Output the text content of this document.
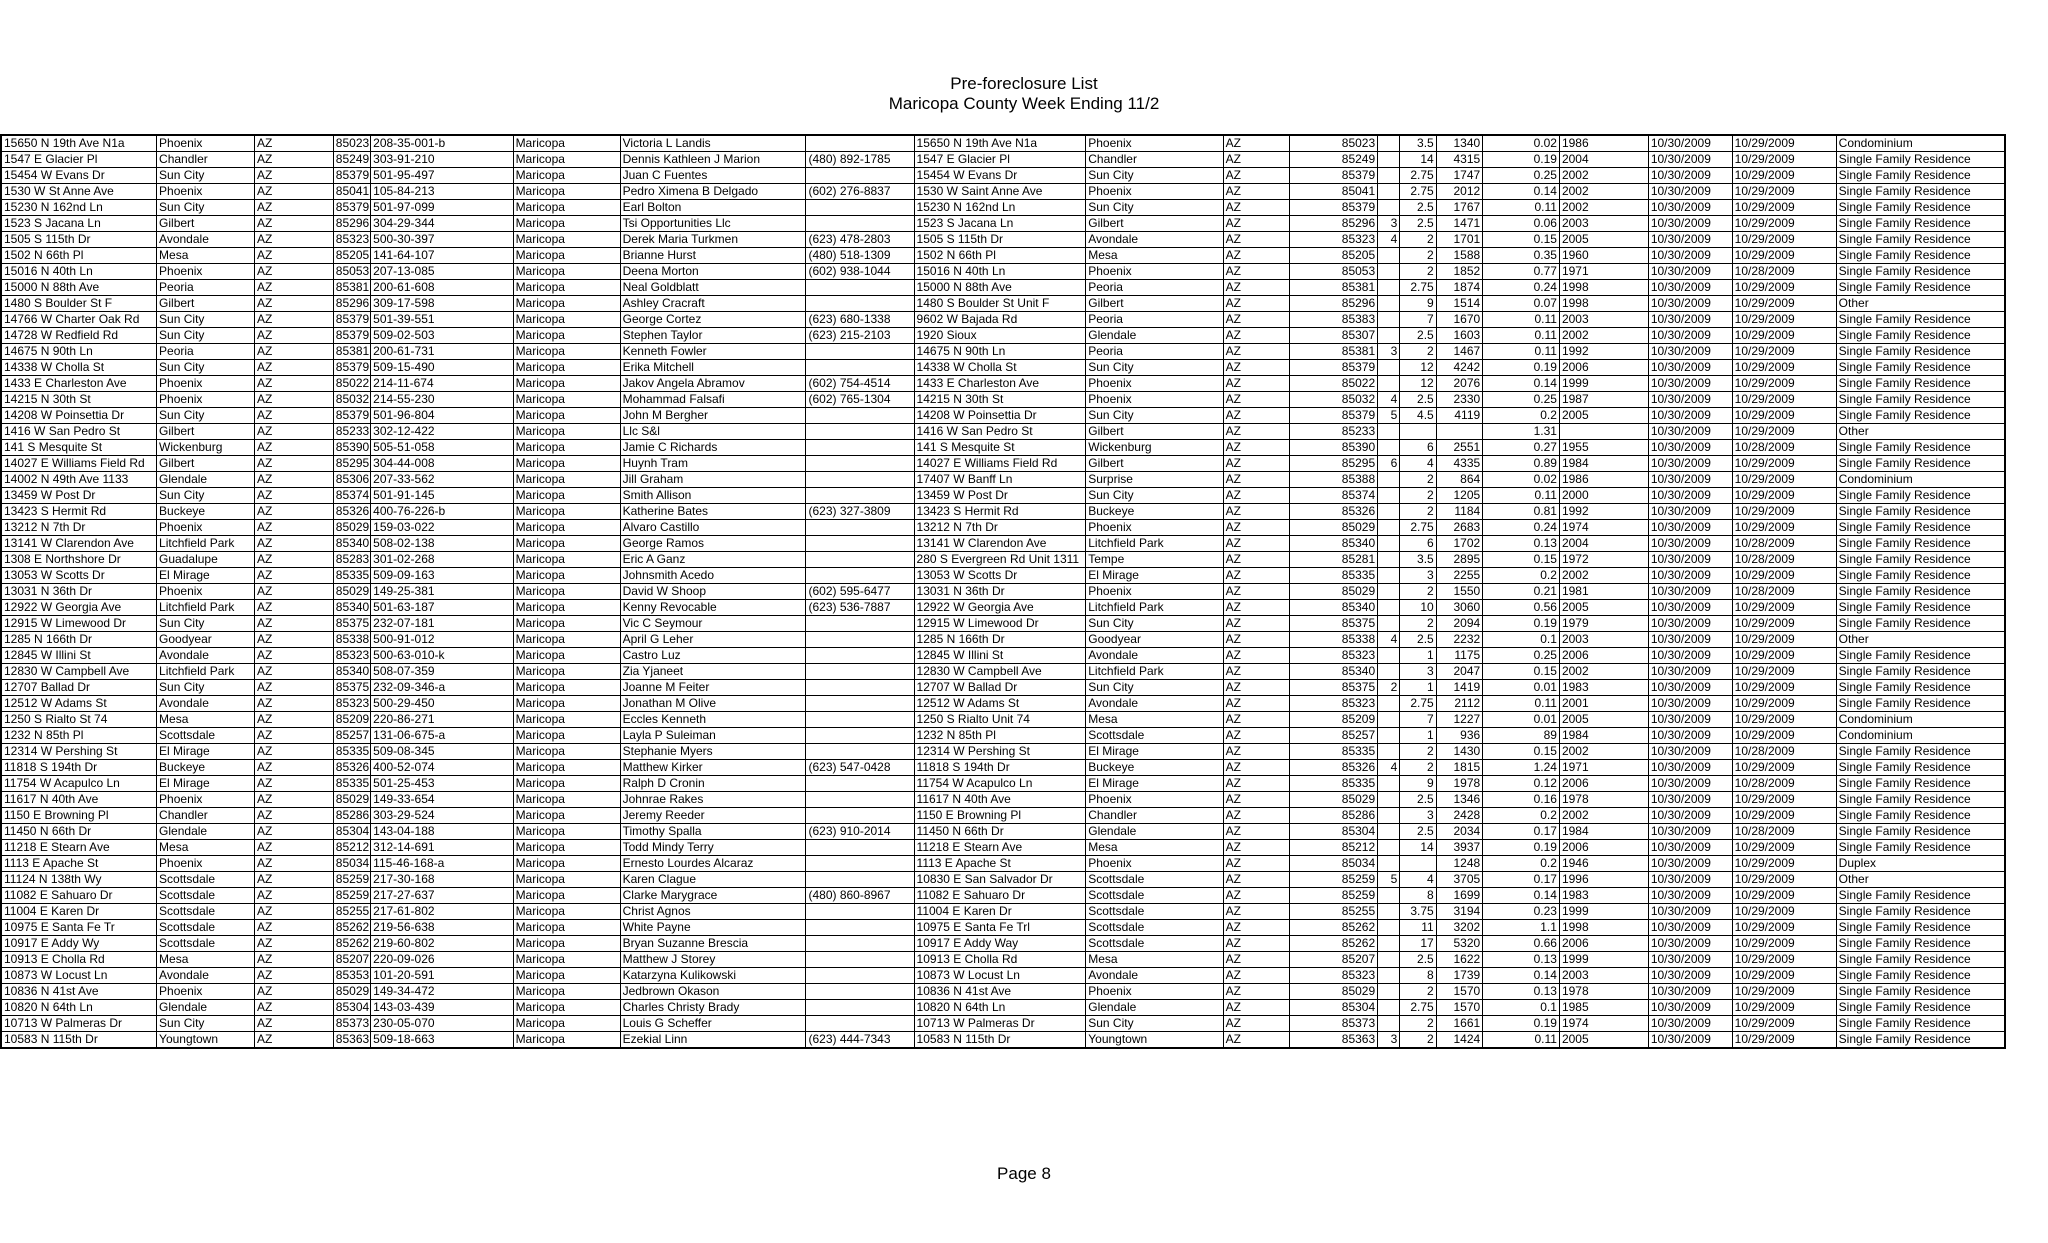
Pre-foreclosure List
Maricopa County Week Ending 11/2
15650 N 19th Ave N1a	Phoenix	AZ	85023	208-35-001-b	Maricopa	Victoria L Landis		15650 N 19th Ave N1a	Phoenix	AZ	85023		3.5	1340	0.02	1986	10/30/2009	10/29/2009	Condominium
1547 E Glacier Pl	Chandler	AZ	85249	303-91-210	Maricopa	Dennis Kathleen J Marion	(480) 892-1785	1547 E Glacier Pl	Chandler	AZ	85249		14	4315	0.19	2004	10/30/2009	10/29/2009	Single Family Residence
15454 W Evans Dr	Sun City	AZ	85379	501-95-497	Maricopa	Juan C Fuentes		15454 W Evans Dr	Sun City	AZ	85379		2.75	1747	0.25	2002	10/30/2009	10/29/2009	Single Family Residence
1530 W St Anne Ave	Phoenix	AZ	85041	105-84-213	Maricopa	Pedro Ximena B Delgado	(602) 276-8837	1530 W Saint Anne Ave	Phoenix	AZ	85041		2.75	2012	0.14	2002	10/30/2009	10/29/2009	Single Family Residence
15230 N 162nd Ln	Sun City	AZ	85379	501-97-099	Maricopa	Earl Bolton		15230 N 162nd Ln	Sun City	AZ	85379		2.5	1767	0.11	2002	10/30/2009	10/29/2009	Single Family Residence
1523 S Jacana Ln	Gilbert	AZ	85296	304-29-344	Maricopa	Tsi Opportunities Llc		1523 S Jacana Ln	Gilbert	AZ	85296	3	2.5	1471	0.06	2003	10/30/2009	10/29/2009	Single Family Residence
1505 S 115th Dr	Avondale	AZ	85323	500-30-397	Maricopa	Derek Maria Turkmen	(623) 478-2803	1505 S 115th Dr	Avondale	AZ	85323	4	2	1701	0.15	2005	10/30/2009	10/29/2009	Single Family Residence
1502 N 66th Pl	Mesa	AZ	85205	141-64-107	Maricopa	Brianne Hurst	(480) 518-1309	1502 N 66th Pl	Mesa	AZ	85205		2	1588	0.35	1960	10/30/2009	10/29/2009	Single Family Residence
15016 N 40th Ln	Phoenix	AZ	85053	207-13-085	Maricopa	Deena Morton	(602) 938-1044	15016 N 40th Ln	Phoenix	AZ	85053		2	1852	0.77	1971	10/30/2009	10/28/2009	Single Family Residence
15000 N 88th Ave	Peoria	AZ	85381	200-61-608	Maricopa	Neal Goldblatt		15000 N 88th Ave	Peoria	AZ	85381		2.75	1874	0.24	1998	10/30/2009	10/29/2009	Single Family Residence
1480 S Boulder St F	Gilbert	AZ	85296	309-17-598	Maricopa	Ashley Cracraft		1480 S Boulder St Unit F	Gilbert	AZ	85296		9	1514	0.07	1998	10/30/2009	10/29/2009	Other
14766 W Charter Oak Rd	Sun City	AZ	85379	501-39-551	Maricopa	George Cortez	(623) 680-1338	9602 W Bajada Rd	Peoria	AZ	85383		7	1670	0.11	2003	10/30/2009	10/29/2009	Single Family Residence
14728 W Redfield Rd	Sun City	AZ	85379	509-02-503	Maricopa	Stephen Taylor	(623) 215-2103	1920 Sioux	Glendale	AZ	85307		2.5	1603	0.11	2002	10/30/2009	10/29/2009	Single Family Residence
14675 N 90th Ln	Peoria	AZ	85381	200-61-731	Maricopa	Kenneth Fowler		14675 N 90th Ln	Peoria	AZ	85381	3	2	1467	0.11	1992	10/30/2009	10/29/2009	Single Family Residence
14338 W Cholla St	Sun City	AZ	85379	509-15-490	Maricopa	Erika Mitchell		14338 W Cholla St	Sun City	AZ	85379		12	4242	0.19	2006	10/30/2009	10/29/2009	Single Family Residence
1433 E Charleston Ave	Phoenix	AZ	85022	214-11-674	Maricopa	Jakov Angela Abramov	(602) 754-4514	1433 E Charleston Ave	Phoenix	AZ	85022		12	2076	0.14	1999	10/30/2009	10/29/2009	Single Family Residence
14215 N 30th St	Phoenix	AZ	85032	214-55-230	Maricopa	Mohammad Falsafi	(602) 765-1304	14215 N 30th St	Phoenix	AZ	85032	4	2.5	2330	0.25	1987	10/30/2009	10/29/2009	Single Family Residence
14208 W Poinsettia Dr	Sun City	AZ	85379	501-96-804	Maricopa	John M Bergher		14208 W Poinsettia Dr	Sun City	AZ	85379	5	4.5	4119	0.2	2005	10/30/2009	10/29/2009	Single Family Residence
1416 W San Pedro St	Gilbert	AZ	85233	302-12-422	Maricopa	Llc S&l		1416 W San Pedro St	Gilbert	AZ	85233				1.31		10/30/2009	10/29/2009	Other
141 S Mesquite St	Wickenburg	AZ	85390	505-51-058	Maricopa	Jamie C Richards		141 S Mesquite St	Wickenburg	AZ	85390		6	2551	0.27	1955	10/30/2009	10/28/2009	Single Family Residence
14027 E Williams Field Rd	Gilbert	AZ	85295	304-44-008	Maricopa	Huynh Tram		14027 E Williams Field Rd	Gilbert	AZ	85295	6	4	4335	0.89	1984	10/30/2009	10/29/2009	Single Family Residence
14002 N 49th Ave 1133	Glendale	AZ	85306	207-33-562	Maricopa	Jill Graham		17407 W Banff Ln	Surprise	AZ	85388		2	864	0.02	1986	10/30/2009	10/29/2009	Condominium
13459 W Post Dr	Sun City	AZ	85374	501-91-145	Maricopa	Smith Allison		13459 W Post Dr	Sun City	AZ	85374		2	1205	0.11	2000	10/30/2009	10/29/2009	Single Family Residence
13423 S Hermit Rd	Buckeye	AZ	85326	400-76-226-b	Maricopa	Katherine Bates	(623) 327-3809	13423 S Hermit Rd	Buckeye	AZ	85326		2	1184	0.81	1992	10/30/2009	10/29/2009	Single Family Residence
13212 N 7th Dr	Phoenix	AZ	85029	159-03-022	Maricopa	Alvaro Castillo		13212 N 7th Dr	Phoenix	AZ	85029		2.75	2683	0.24	1974	10/30/2009	10/29/2009	Single Family Residence
13141 W Clarendon Ave	Litchfield Park	AZ	85340	508-02-138	Maricopa	George Ramos		13141 W Clarendon Ave	Litchfield Park	AZ	85340		6	1702	0.13	2004	10/30/2009	10/28/2009	Single Family Residence
1308 E Northshore Dr	Guadalupe	AZ	85283	301-02-268	Maricopa	Eric A Ganz		280 S Evergreen Rd Unit 1311	Tempe	AZ	85281		3.5	2895	0.15	1972	10/30/2009	10/28/2009	Single Family Residence
13053 W Scotts Dr	El Mirage	AZ	85335	509-09-163	Maricopa	Johnsmith Acedo		13053 W Scotts Dr	El Mirage	AZ	85335		3	2255	0.2	2002	10/30/2009	10/29/2009	Single Family Residence
13031 N 36th Dr	Phoenix	AZ	85029	149-25-381	Maricopa	David W Shoop	(602) 595-6477	13031 N 36th Dr	Phoenix	AZ	85029		2	1550	0.21	1981	10/30/2009	10/28/2009	Single Family Residence
12922 W Georgia Ave	Litchfield Park	AZ	85340	501-63-187	Maricopa	Kenny Revocable	(623) 536-7887	12922 W Georgia Ave	Litchfield Park	AZ	85340		10	3060	0.56	2005	10/30/2009	10/29/2009	Single Family Residence
12915 W Limewood Dr	Sun City	AZ	85375	232-07-181	Maricopa	Vic C Seymour		12915 W Limewood Dr	Sun City	AZ	85375		2	2094	0.19	1979	10/30/2009	10/29/2009	Single Family Residence
1285 N 166th Dr	Goodyear	AZ	85338	500-91-012	Maricopa	April G Leher		1285 N 166th Dr	Goodyear	AZ	85338	4	2.5	2232	0.1	2003	10/30/2009	10/29/2009	Other
12845 W Illini St	Avondale	AZ	85323	500-63-010-k	Maricopa	Castro Luz		12845 W Illini St	Avondale	AZ	85323		1	1175	0.25	2006	10/30/2009	10/29/2009	Single Family Residence
12830 W Campbell Ave	Litchfield Park	AZ	85340	508-07-359	Maricopa	Zia Yjaneet		12830 W Campbell Ave	Litchfield Park	AZ	85340		3	2047	0.15	2002	10/30/2009	10/29/2009	Single Family Residence
12707 Ballad Dr	Sun City	AZ	85375	232-09-346-a	Maricopa	Joanne M Feiter		12707 W Ballad Dr	Sun City	AZ	85375	2	1	1419	0.01	1983	10/30/2009	10/29/2009	Single Family Residence
12512 W Adams St	Avondale	AZ	85323	500-29-450	Maricopa	Jonathan M Olive		12512 W Adams St	Avondale	AZ	85323		2.75	2112	0.11	2001	10/30/2009	10/29/2009	Single Family Residence
1250 S Rialto St 74	Mesa	AZ	85209	220-86-271	Maricopa	Eccles Kenneth		1250 S Rialto Unit 74	Mesa	AZ	85209		7	1227	0.01	2005	10/30/2009	10/29/2009	Condominium
1232 N 85th Pl	Scottsdale	AZ	85257	131-06-675-a	Maricopa	Layla P Suleiman		1232 N 85th Pl	Scottsdale	AZ	85257		1	936	89	1984	10/30/2009	10/29/2009	Condominium
12314 W Pershing St	El Mirage	AZ	85335	509-08-345	Maricopa	Stephanie Myers		12314 W Pershing St	El Mirage	AZ	85335		2	1430	0.15	2002	10/30/2009	10/28/2009	Single Family Residence
11818 S 194th Dr	Buckeye	AZ	85326	400-52-074	Maricopa	Matthew Kirker	(623) 547-0428	11818 S 194th Dr	Buckeye	AZ	85326	4	2	1815	1.24	1971	10/30/2009	10/29/2009	Single Family Residence
11754 W Acapulco Ln	El Mirage	AZ	85335	501-25-453	Maricopa	Ralph D Cronin		11754 W Acapulco Ln	El Mirage	AZ	85335		9	1978	0.12	2006	10/30/2009	10/28/2009	Single Family Residence
11617 N 40th Ave	Phoenix	AZ	85029	149-33-654	Maricopa	Johnrae Rakes		11617 N 40th Ave	Phoenix	AZ	85029		2.5	1346	0.16	1978	10/30/2009	10/29/2009	Single Family Residence
1150 E Browning Pl	Chandler	AZ	85286	303-29-524	Maricopa	Jeremy Reeder		1150 E Browning Pl	Chandler	AZ	85286		3	2428	0.2	2002	10/30/2009	10/29/2009	Single Family Residence
11450 N 66th Dr	Glendale	AZ	85304	143-04-188	Maricopa	Timothy Spalla	(623) 910-2014	11450 N 66th Dr	Glendale	AZ	85304		2.5	2034	0.17	1984	10/30/2009	10/28/2009	Single Family Residence
11218 E Stearn Ave	Mesa	AZ	85212	312-14-691	Maricopa	Todd Mindy Terry		11218 E Stearn Ave	Mesa	AZ	85212		14	3937	0.19	2006	10/30/2009	10/29/2009	Single Family Residence
1113 E Apache St	Phoenix	AZ	85034	115-46-168-a	Maricopa	Ernesto Lourdes Alcaraz		1113 E Apache St	Phoenix	AZ	85034			1248	0.2	1946	10/30/2009	10/29/2009	Duplex
11124 N 138th Wy	Scottsdale	AZ	85259	217-30-168	Maricopa	Karen Clague		10830 E San Salvador Dr	Scottsdale	AZ	85259	5	4	3705	0.17	1996	10/30/2009	10/29/2009	Other
11082 E Sahuaro Dr	Scottsdale	AZ	85259	217-27-637	Maricopa	Clarke Marygrace	(480) 860-8967	11082 E Sahuaro Dr	Scottsdale	AZ	85259		8	1699	0.14	1983	10/30/2009	10/29/2009	Single Family Residence
11004 E Karen Dr	Scottsdale	AZ	85255	217-61-802	Maricopa	Christ Agnos		11004 E Karen Dr	Scottsdale	AZ	85255		3.75	3194	0.23	1999	10/30/2009	10/29/2009	Single Family Residence
10975 E Santa Fe Tr	Scottsdale	AZ	85262	219-56-638	Maricopa	White Payne		10975 E Santa Fe Trl	Scottsdale	AZ	85262		11	3202	1.1	1998	10/30/2009	10/29/2009	Single Family Residence
10917 E Addy Wy	Scottsdale	AZ	85262	219-60-802	Maricopa	Bryan Suzanne Brescia		10917 E Addy Way	Scottsdale	AZ	85262		17	5320	0.66	2006	10/30/2009	10/29/2009	Single Family Residence
10913 E Cholla Rd	Mesa	AZ	85207	220-09-026	Maricopa	Matthew J Storey		10913 E Cholla Rd	Mesa	AZ	85207		2.5	1622	0.13	1999	10/30/2009	10/29/2009	Single Family Residence
10873 W Locust Ln	Avondale	AZ	85353	101-20-591	Maricopa	Katarzyna Kulikowski		10873 W Locust Ln	Avondale	AZ	85323		8	1739	0.14	2003	10/30/2009	10/29/2009	Single Family Residence
10836 N 41st Ave	Phoenix	AZ	85029	149-34-472	Maricopa	Jedbrown Okason		10836 N 41st Ave	Phoenix	AZ	85029		2	1570	0.13	1978	10/30/2009	10/29/2009	Single Family Residence
10820 N 64th Ln	Glendale	AZ	85304	143-03-439	Maricopa	Charles Christy Brady		10820 N 64th Ln	Glendale	AZ	85304		2.75	1570	0.1	1985	10/30/2009	10/29/2009	Single Family Residence
10713 W Palmeras Dr	Sun City	AZ	85373	230-05-070	Maricopa	Louis G Scheffer		10713 W Palmeras Dr	Sun City	AZ	85373		2	1661	0.19	1974	10/30/2009	10/29/2009	Single Family Residence
10583 N 115th Dr	Youngtown	AZ	85363	509-18-663	Maricopa	Ezekial Linn	(623) 444-7343	10583 N 115th Dr	Youngtown	AZ	85363	3	2	1424	0.11	2005	10/30/2009	10/29/2009	Single Family Residence
Page 8
